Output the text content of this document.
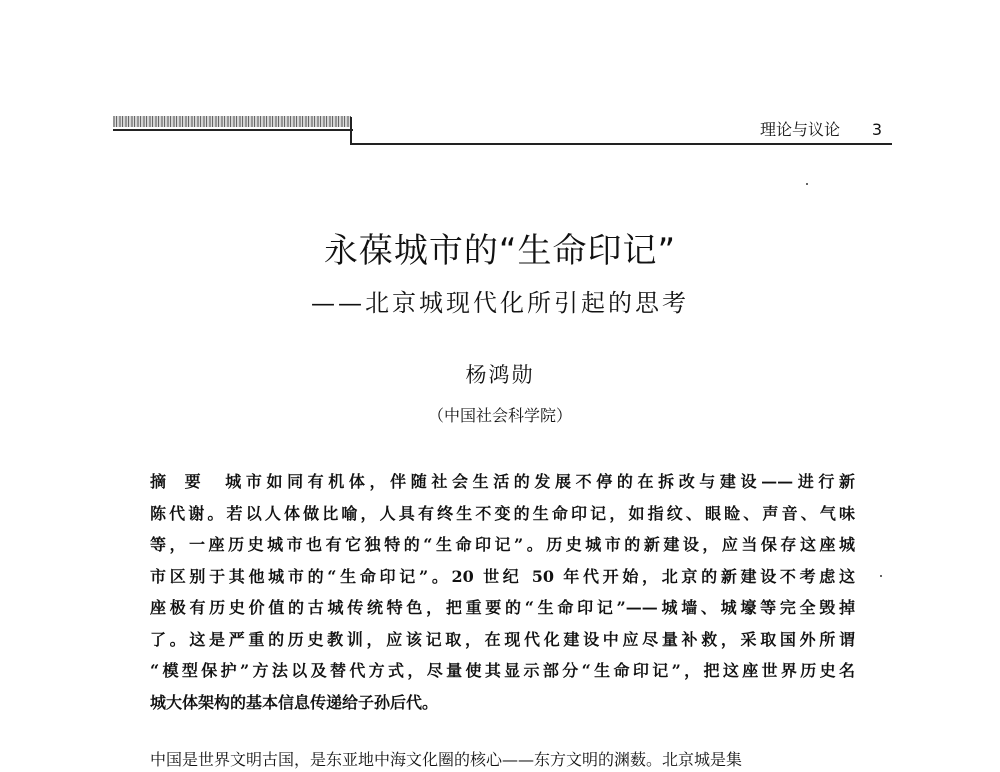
理论与议论	3
永葆城市的“生命印记”
——北京城现代化所引起的思考
杨鸿勋
（中国社会科学院）
摘要 城市如同有机体，伴随社会生活的发展不停的在拆改与建设——进行新
陈代谢。若以人体做比喻，人具有终生不变的生命印记，如指纹、眼睑、声音、气味
等，一座历史城市也有它独特的“生命印记”。历史城市的新建设，应当保存这座城
市区别于其他城市的“生命印记”。20 世纪 50 年代开始，北京的新建设不考虑这
座极有历史价值的古城传统特色，把重要的“生命印记”——城墙、城壕等完全毁掉
了。这是严重的历史教训，应该记取，在现代化建设中应尽量补救，采取国外所谓
“模型保护”方法以及替代方式，尽量使其显示部分“生命印记”，把这座世界历史名
城大体架构的基本信息传递给子孙后代。
中国是世界文明古国，是东亚地中海文化圈的核心——东方文明的渊薮。北京城是集
